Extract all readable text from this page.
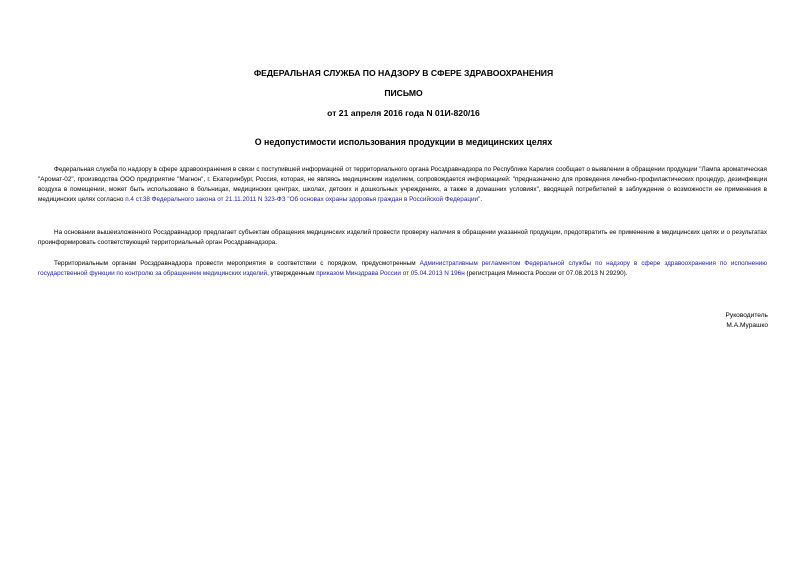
ФЕДЕРАЛЬНАЯ СЛУЖБА ПО НАДЗОРУ В СФЕРЕ ЗДРАВООХРАНЕНИЯ
ПИСЬМО
от 21 апреля 2016 года N 01И-820/16
О недопустимости использования продукции в медицинских целях

Федеральная служба по надзору в сфере здравоохранения в связи с поступившей информацией от территориального органа Росздравнадзора по Республике Карелия сообщает о выявлении в обращении продукции "Лампа ароматическая "Аромат-02", производства ООО предприятие "Магнон", г. Екатеринбург, Россия, которая, не являясь медицинским изделием, сопровождается информацией: "предназначено для проведения лечебно-профилактических процедур, дезинфекции воздуха в помещении, может быть использовано в больницах, медицинских центрах, школах, детских и дошкольных учреждениях, а также в домашних условиях", вводящей потребителей в заблуждение о возможности ее применения в медицинских целях согласно п.4 ст.38 Федерального закона от 21.11.2011 N 323-ФЗ "Об основах охраны здоровья граждан в Российской Федерации".

На основании вышеизложенного Росздравнадзор предлагает субъектам обращения медицинских изделий провести проверку наличия в обращении указанной продукции, предотвратить ее применение в медицинских целях и о результатах проинформировать соответствующий территориальный орган Росздравнадзора.

Территориальным органам Росздравнадзора провести мероприятия в соответствии с порядком, предусмотренным Административным регламентом Федеральной службы по надзору в сфере здравоохранения по исполнению государственной функции по контролю за обращением медицинских изделий, утвержденным приказом Минздрава России от 05.04.2013 N 196н (регистрация Минюста России от 07.08.2013 N 29290).

Руководитель
М.А.Мурашко
